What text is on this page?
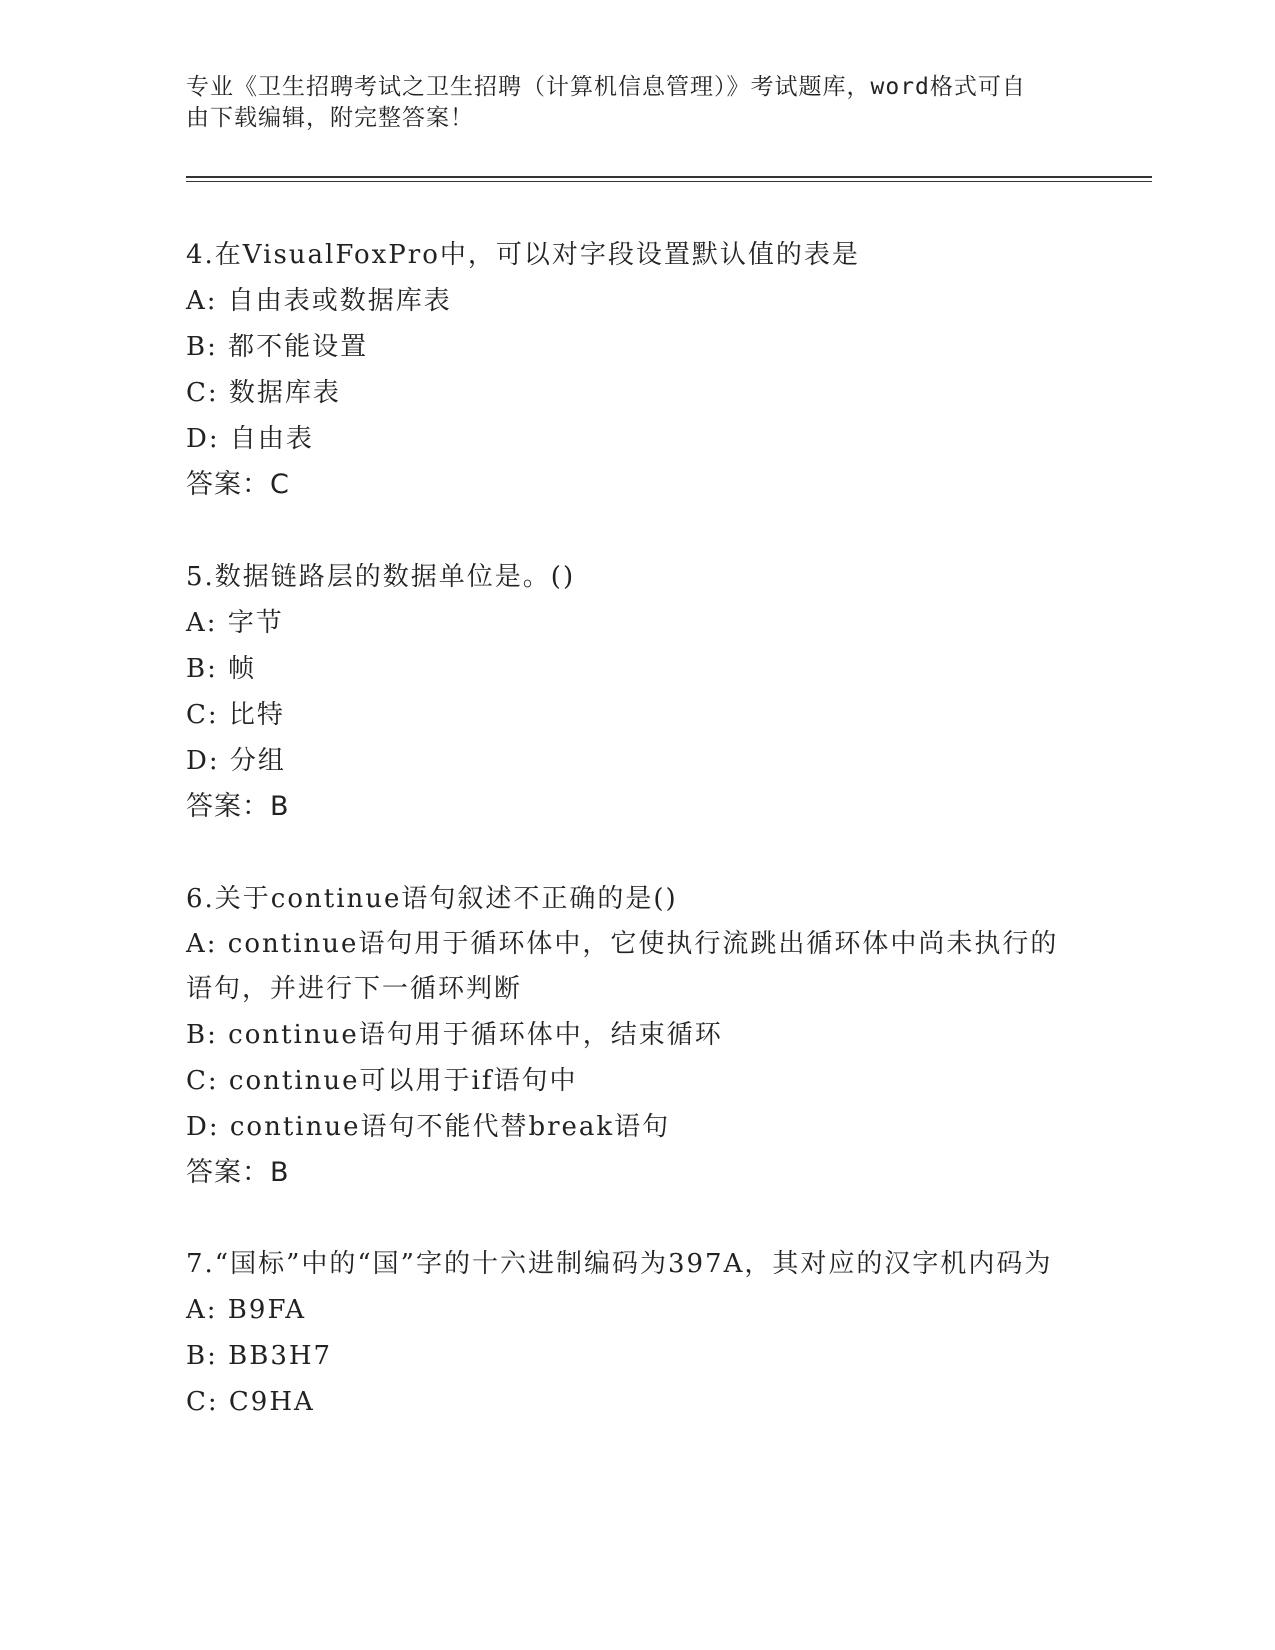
专业《卫生招聘考试之卫生招聘（计算机信息管理）》考试题库，word格式可自
由下载编辑，附完整答案！
4.在VisualFoxPro中，可以对字段设置默认值的表是
A: 自由表或数据库表
B: 都不能设置
C: 数据库表
D: 自由表
答案：C
5.数据链路层的数据单位是。()
A: 字节
B: 帧
C: 比特
D: 分组
答案：B
6.关于continue语句叙述不正确的是()
A: continue语句用于循环体中，它使执行流跳出循环体中尚未执行的语句，并进行下一循环判断
B: continue语句用于循环体中，结束循环
C: continue可以用于if语句中
D: continue语句不能代替break语句
答案：B
7.“国标”中的“国”字的十六进制编码为397A，其对应的汉字机内码为
A: B9FA
B: BB3H7
C: C9HA
